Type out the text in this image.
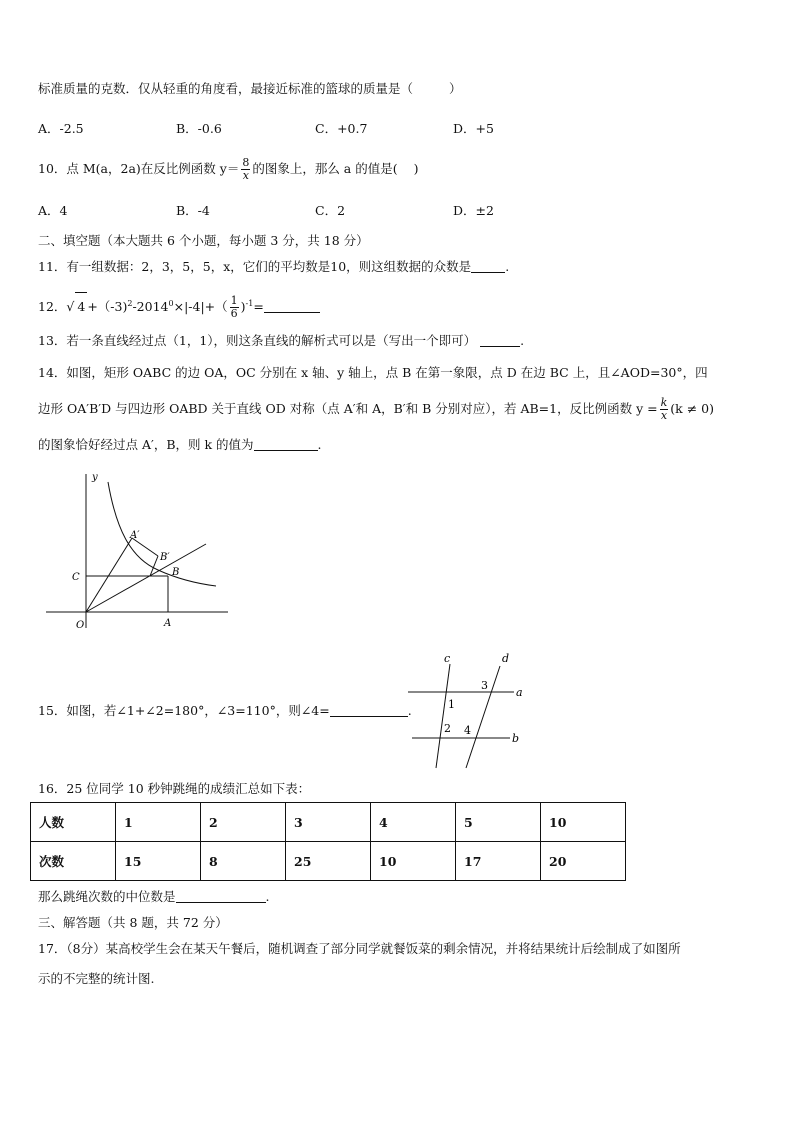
标准质量的克数．仅从轻重的角度看，最接近标准的篮球的质量是（	）
A．-2.5	B．-0.6	C．+0.7	D．+5
10．点 M(a，2a)在反比例函数 $y= \frac{8}{x}$ 的图象上，那么 a 的值是( )
A．4	B．-4	C．2	D．±2
二、填空题（本大题共 6 个小题，每小题 3 分，共 18 分）
11．有一组数据：2，3，5，5，x，它们的平均数是10，则这组数据的众数是	.
12．√ $4 +(-3)^2-2014^0\times|-4|+( \frac{1}{6} )^{-1}=$
13．若一条直线经过点（1，1），则这条直线的解析式可以是（写出一个即可）	.
14．如图，矩形 OABC 的边 OA，OC 分别在 x 轴、y 轴上，点 B 在第一象限，点 D 在边 BC 上，且∠AOD=30°，四
边形 OA′B′D 与四边形 OABD 关于直线 OD 对称（点 A′和 A，B′和 B 分别对应），若 AB=1，反比例函数 $y = \frac{k}{x} (k \ne 0)$
的图象恰好经过点 A′，B，则 k 的值为	.
y
A′
B′
C	B
O	A
15．如图，若∠1+∠2=180°，∠3=110°，则∠4=	.
c	d
a
b
1
2
3
4
16．25 位同学 10 秒钟跳绳的成绩汇总如下表：
人数	1	2	3	4	5	10
次数	15	8	25	10	17	20
那么跳绳次数的中位数是	.
三、解答题（共 8 题，共 72 分）
17．（8分）某高校学生会在某天午餐后，随机调查了部分同学就餐饭菜的剩余情况，并将结果统计后绘制成了如图所
示的不完整的统计图.
